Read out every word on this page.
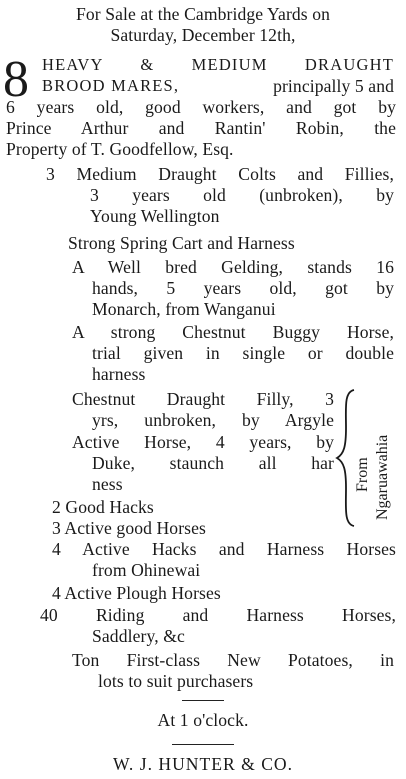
For Sale at the Cambridge Yards on
Saturday, December 12th,
8 HEAVY & MEDIUM DRAUGHT
BROOD MARES,	principally 5 and
6 years old, good workers, and got by
Prince Arthur and Rantin' Robin, the
Property of T. Goodfellow, Esq.
3 Medium Draught Colts and Fillies,
3 years old (unbroken), by
Young Wellington
Strong Spring Cart and Harness
A Well bred Gelding, stands 16
hands, 5 years old, got by
Monarch, from Wanganui
A strong Chestnut Buggy Horse,
trial given in single or double
harness
Chestnut Draught Filly, 3
yrs, unbroken, by Argyle
Active Horse, 4 years, by
Duke, staunch all har
ness	From Ngaruawahia
2 Good Hacks
3 Active good Horses
4 Active Hacks and Harness Horses
from Ohinewai
4 Active Plough Horses
40 Riding and Harness Horses,
Saddlery, &c
Ton First-class New Potatoes, in
lots to suit purchasers
At 1 o'clock.
W. J. HUNTER & CO.
